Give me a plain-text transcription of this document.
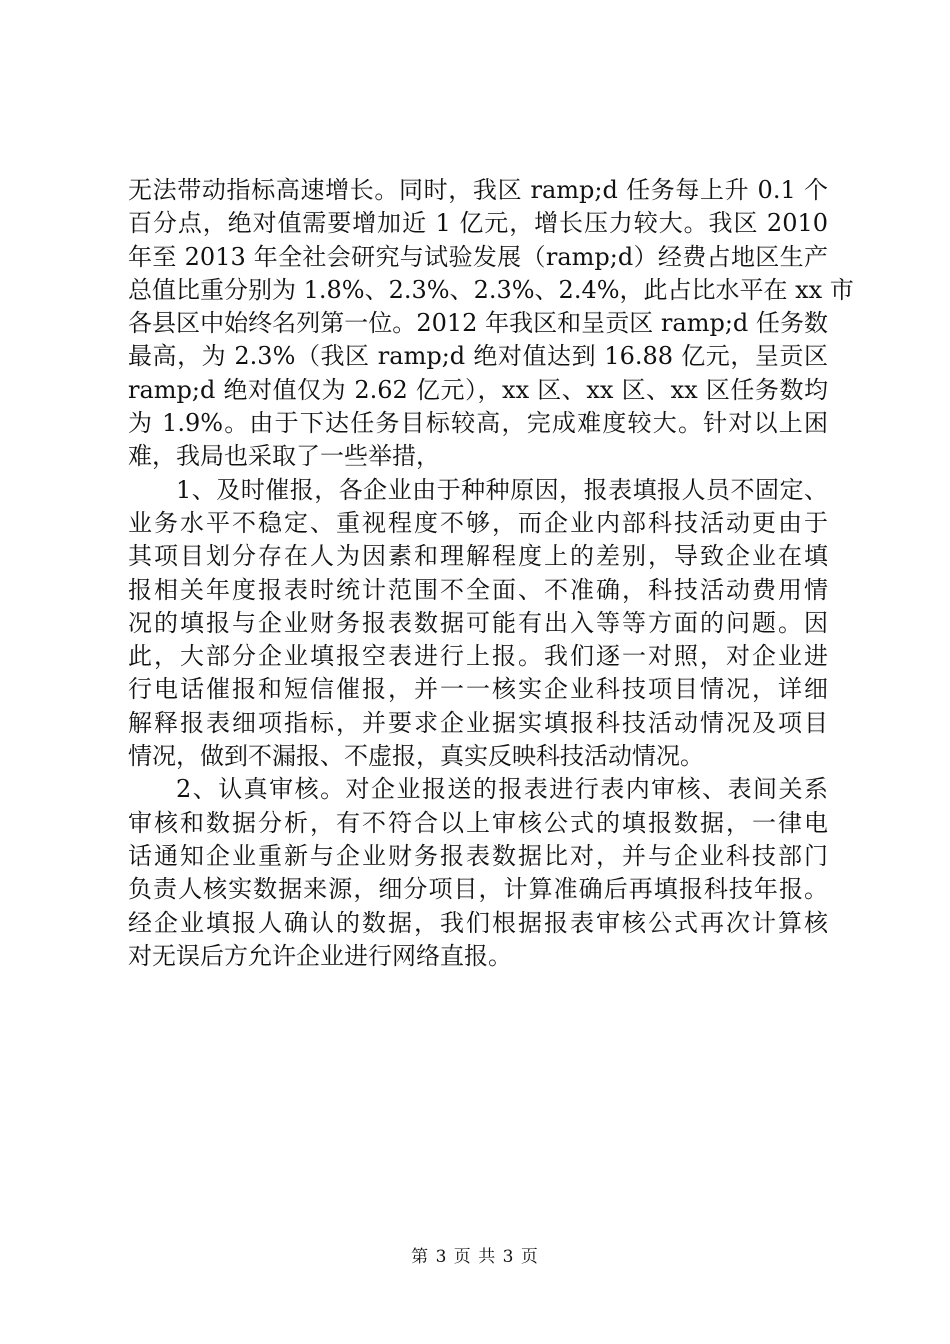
无法带动指标高速增长。同时，我区 ramp;d 任务每上升 0.1 个
百分点，绝对值需要增加近 1 亿元，增长压力较大。我区 2010
年至 2013 年全社会研究与试验发展（ramp;d）经费占地区生产
总值比重分别为 1.8%、2.3%、2.3%、2.4%，此占比水平在 xx 市
各县区中始终名列第一位。2012 年我区和呈贡区 ramp;d 任务数
最高，为 2.3%（我区 ramp;d 绝对值达到 16.88 亿元，呈贡区
ramp;d 绝对值仅为 2.62 亿元），xx 区、xx 区、xx 区任务数均
为 1.9%。由于下达任务目标较高，完成难度较大。针对以上困
难，我局也采取了一些举措，
1、及时催报，各企业由于种种原因，报表填报人员不固定、
业务水平不稳定、重视程度不够，而企业内部科技活动更由于
其项目划分存在人为因素和理解程度上的差别，导致企业在填
报相关年度报表时统计范围不全面、不准确，科技活动费用情
况的填报与企业财务报表数据可能有出入等等方面的问题。因
此，大部分企业填报空表进行上报。我们逐一对照，对企业进
行电话催报和短信催报，并一一核实企业科技项目情况，详细
解释报表细项指标，并要求企业据实填报科技活动情况及项目
情况，做到不漏报、不虚报，真实反映科技活动情况。
2、认真审核。对企业报送的报表进行表内审核、表间关系
审核和数据分析，有不符合以上审核公式的填报数据，一律电
话通知企业重新与企业财务报表数据比对，并与企业科技部门
负责人核实数据来源，细分项目，计算准确后再填报科技年报。
经企业填报人确认的数据，我们根据报表审核公式再次计算核
对无误后方允许企业进行网络直报。
第 3 页 共 3 页
